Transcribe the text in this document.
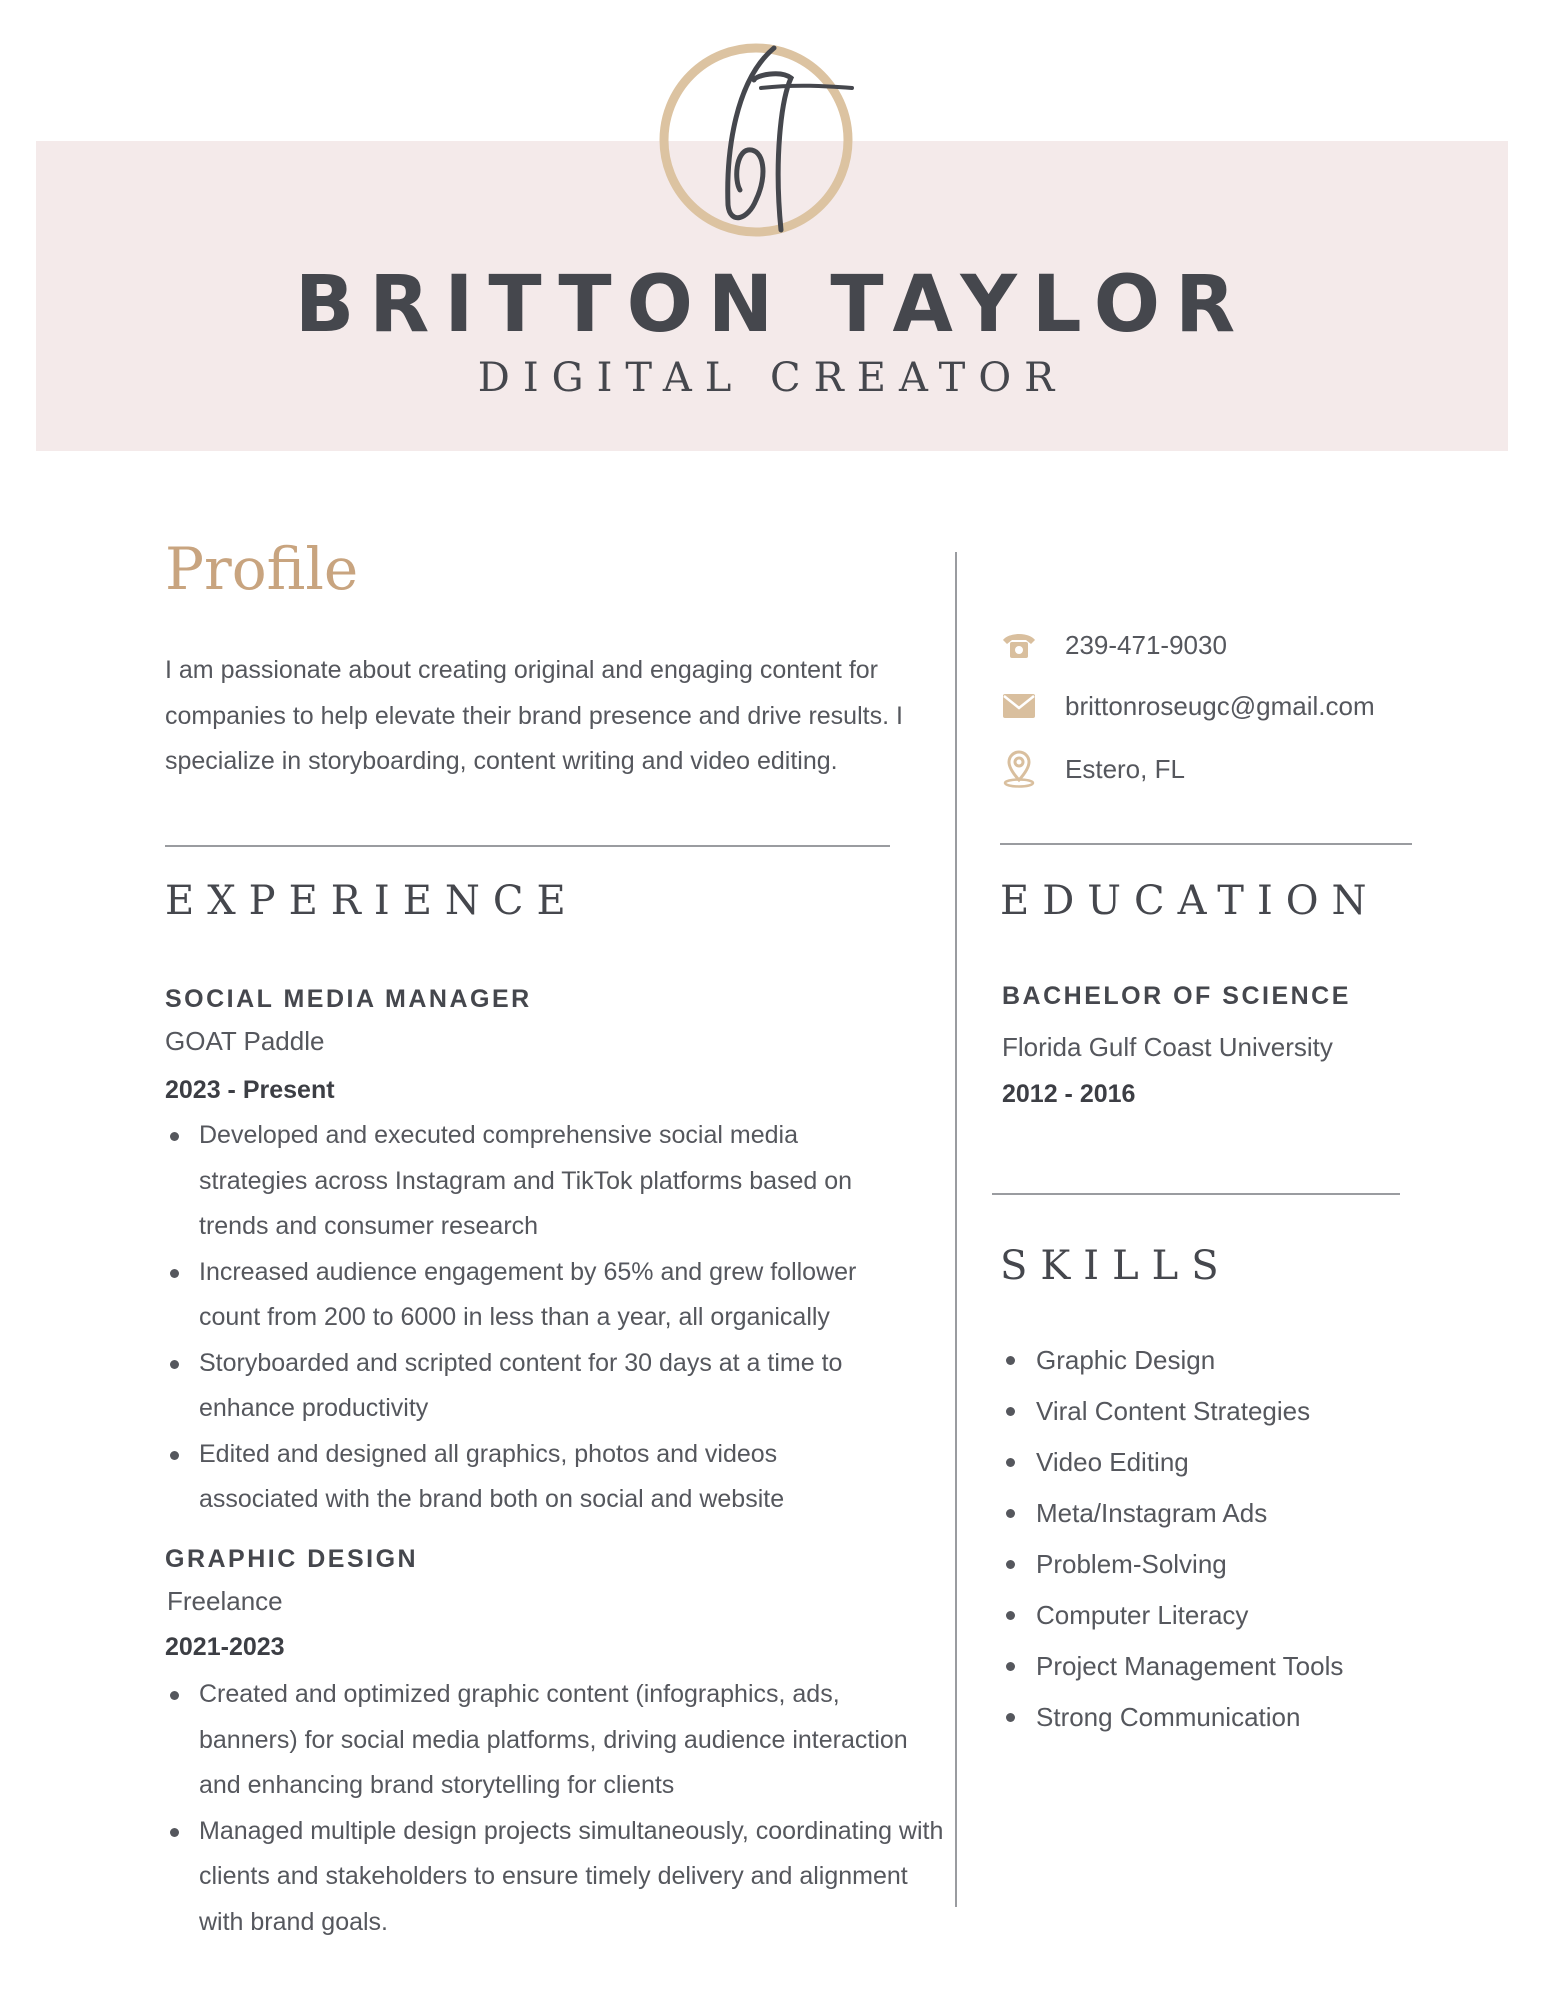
BRITTON TAYLOR
DIGITAL CREATOR
Profile
I am passionate about creating original and engaging content for companies to help elevate their brand presence and drive results. I specialize in storyboarding, content writing and video editing.
EXPERIENCE
SOCIAL MEDIA MANAGER
GOAT Paddle
2023 - Present
Developed and executed comprehensive social media strategies across Instagram and TikTok platforms based on trends and consumer research
Increased audience engagement by 65% and grew follower count from 200 to 6000 in less than a year, all organically
Storyboarded and scripted content for 30 days at a time to enhance productivity
Edited and designed all graphics, photos and videos associated with the brand both on social and website
GRAPHIC DESIGN
Freelance
2021-2023
Created and optimized graphic content (infographics, ads, banners) for social media platforms, driving audience interaction and enhancing brand storytelling for clients
Managed multiple design projects simultaneously, coordinating with clients and stakeholders to ensure timely delivery and alignment with brand goals.
239-471-9030
brittonroseugc@gmail.com
Estero, FL
EDUCATION
BACHELOR OF SCIENCE
Florida Gulf Coast University
2012 - 2016
SKILLS
Graphic Design
Viral Content Strategies
Video Editing
Meta/Instagram Ads
Problem-Solving
Computer Literacy
Project Management Tools
Strong Communication
